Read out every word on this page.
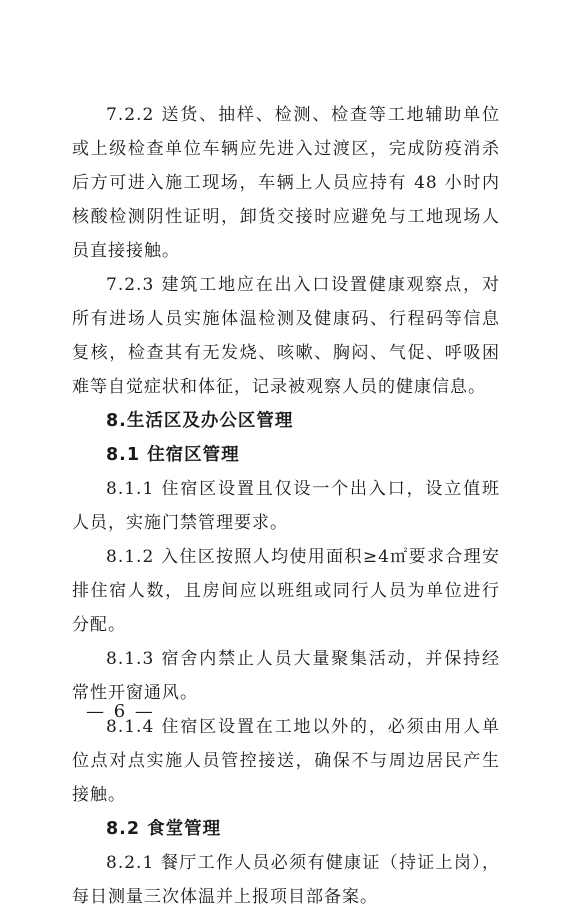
7.2.2 送货、抽样、检测、检查等工地辅助单位或上级检查单位车辆应先进入过渡区，完成防疫消杀后方可进入施工现场，车辆上人员应持有 48 小时内核酸检测阴性证明，卸货交接时应避免与工地现场人员直接接触。

7.2.3 建筑工地应在出入口设置健康观察点，对所有进场人员实施体温检测及健康码、行程码等信息复核，检查其有无发烧、咳嗽、胸闷、气促、呼吸困难等自觉症状和体征，记录被观察人员的健康信息。

8.生活区及办公区管理

8.1 住宿区管理

8.1.1 住宿区设置且仅设一个出入口，设立值班人员，实施门禁管理要求。

8.1.2 入住区按照人均使用面积≥4㎡要求合理安排住宿人数，且房间应以班组或同行人员为单位进行分配。

8.1.3 宿舍内禁止人员大量聚集活动，并保持经常性开窗通风。

8.1.4 住宿区设置在工地以外的，必须由用人单位点对点实施人员管控接送，确保不与周边居民产生接触。

8.2 食堂管理

8.2.1 餐厅工作人员必须有健康证（持证上岗），每日测量三次体温并上报项目部备案。

— 6 —
